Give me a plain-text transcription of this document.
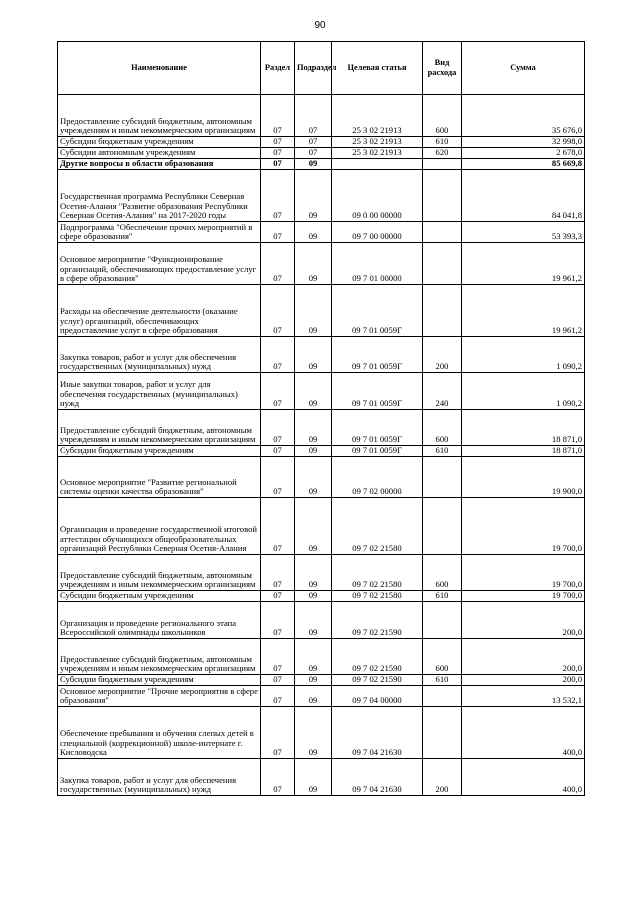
90
Наименование	Раздел	Подраздел	Целевая статья	Вид расхода	Сумма
Предоставление субсидий бюджетным, автономным учреждениям и иным некоммерческим организациям	07	07	25 3 02 21913	600	35 676,0
Субсидии бюджетным учреждениям	07	07	25 3 02 21913	610	32 998,0
Субсидии автономным учреждениям	07	07	25 3 02 21913	620	2 678,0
Другие вопросы в области образования	07	09			85 669,8
Государственная программа Республики Северная Осетия-Алания "Развитие образования Республики Северная Осетия-Алания" на 2017-2020 годы	07	09	09 0 00 00000		84 041,8
Подпрограмма "Обеспечение прочих мероприятий в сфере образования"	07	09	09 7 00 00000		53 393,3
Основное мероприятие "Функционирование организаций, обеспечивающих предоставление услуг в сфере образования"	07	09	09 7 01 00000		19 961,2
Расходы на обеспечение деятельности (оказание услуг) организаций, обеспечивающих предоставление услуг в сфере образования	07	09	09 7 01 0059Г		19 961,2
Закупка товаров, работ и услуг для обеспечения государственных (муниципальных) нужд	07	09	09 7 01 0059Г	200	1 090,2
Иные закупки товаров, работ и услуг для обеспечения государственных (муниципальных) нужд	07	09	09 7 01 0059Г	240	1 090,2
Предоставление субсидий бюджетным, автономным учреждениям и иным некоммерческим организациям	07	09	09 7 01 0059Г	600	18 871,0
Субсидии бюджетным учреждениям	07	09	09 7 01 0059Г	610	18 871,0
Основное мероприятие "Развитие региональной системы оценки качества образования"	07	09	09 7 02 00000		19 900,0
Организация и проведение государственной итоговой аттестации обучающихся общеобразовательных организаций Республики Северная Осетия-Алания	07	09	09 7 02 21580		19 700,0
Предоставление субсидий бюджетным, автономным учреждениям и иным некоммерческим организациям	07	09	09 7 02 21580	600	19 700,0
Субсидии бюджетным учреждениям	07	09	09 7 02 21580	610	19 700,0
Организация и проведение регионального этапа Всероссийской олимпиады школьников	07	09	09 7 02 21590		200,0
Предоставление субсидий бюджетным, автономным учреждениям и иным некоммерческим организациям	07	09	09 7 02 21590	600	200,0
Субсидии бюджетным учреждениям	07	09	09 7 02 21590	610	200,0
Основное мероприятие "Прочие мероприятия в сфере образования"	07	09	09 7 04 00000		13 532,1
Обеспечение пребывания и обучения слепых детей в специальной (коррекционной) школе-интернате г. Кисловодска	07	09	09 7 04 21630		400,0
Закупка товаров, работ и услуг для обеспечения государственных (муниципальных) нужд	07	09	09 7 04 21630	200	400,0
